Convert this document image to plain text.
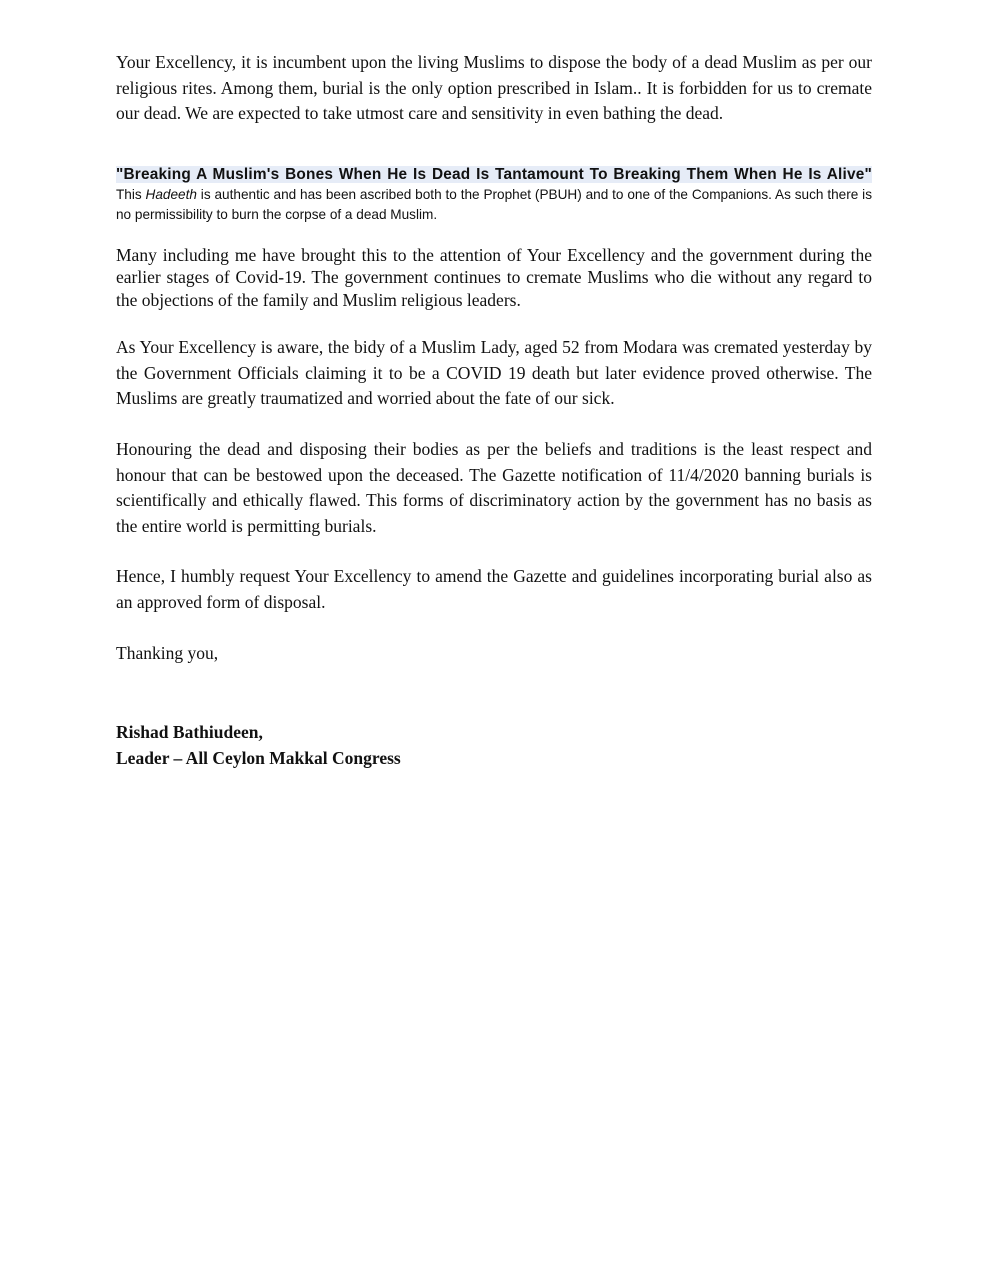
Your Excellency, it is incumbent upon the living Muslims to dispose the body of a dead Muslim as per our religious rites. Among them, burial is the only option prescribed in Islam.. It is forbidden for us to cremate our dead. We are expected to take utmost care and sensitivity in even bathing the dead.

"Breaking A Muslim's Bones When He Is Dead Is Tantamount To Breaking Them When He Is Alive" This Hadeeth is authentic and has been ascribed both to the Prophet (PBUH) and to one of the Companions. As such there is no permissibility to burn the corpse of a dead Muslim.

Many including me have brought this to the attention of Your Excellency and the government during the earlier stages of Covid-19. The government continues to cremate Muslims who die without any regard to the objections of the family and Muslim religious leaders.

As Your Excellency is aware, the bidy of a Muslim Lady, aged 52 from Modara was cremated yesterday by the Government Officials claiming it to be a COVID 19 death but later evidence proved otherwise. The Muslims are greatly traumatized and worried about the fate of our sick.

Honouring the dead and disposing their bodies as per the beliefs and traditions is the least respect and honour that can be bestowed upon the deceased. The Gazette notification of 11/4/2020 banning burials is scientifically and ethically flawed. This forms of discriminatory action by the government has no basis as the entire world is permitting burials.

Hence, I humbly request Your Excellency to amend the Gazette and guidelines incorporating burial also as an approved form of disposal.

Thanking you,

Rishad Bathiudeen,

Leader – All Ceylon Makkal Congress
